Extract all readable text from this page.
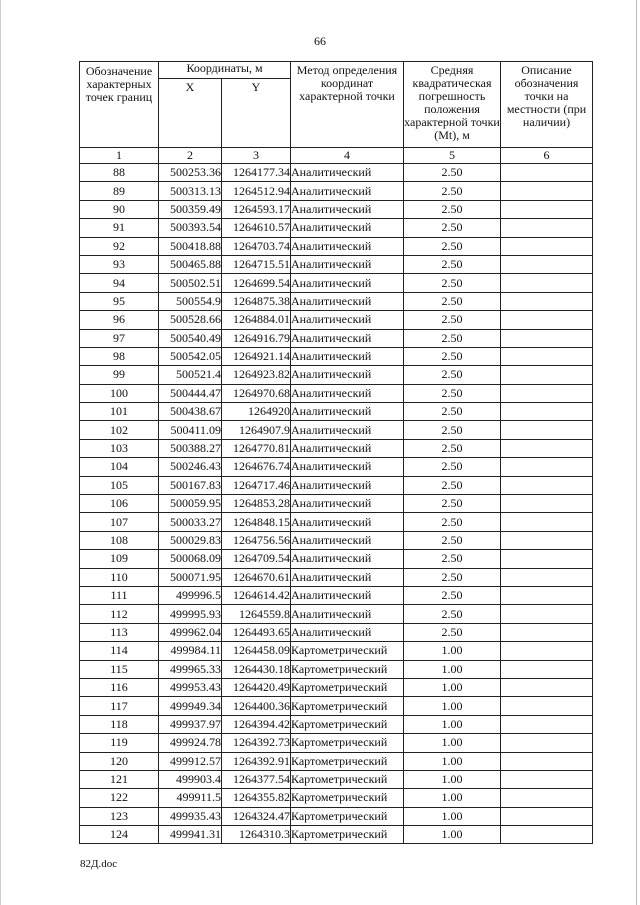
66
Обозначение характерных точек границ	Координаты, м		Метод определения координат характерной точки	Средняя квадратическая погрешность положения характерной точки (Mt), м	Описание обозначения точки на местности (при наличии)
	X	Y			
1	2	3	4	5	6
88	500253.36	1264177.34	Аналитический	2.50	
89	500313.13	1264512.94	Аналитический	2.50	
90	500359.49	1264593.17	Аналитический	2.50	
91	500393.54	1264610.57	Аналитический	2.50	
92	500418.88	1264703.74	Аналитический	2.50	
93	500465.88	1264715.51	Аналитический	2.50	
94	500502.51	1264699.54	Аналитический	2.50	
95	500554.9	1264875.38	Аналитический	2.50	
96	500528.66	1264884.01	Аналитический	2.50	
97	500540.49	1264916.79	Аналитический	2.50	
98	500542.05	1264921.14	Аналитический	2.50	
99	500521.4	1264923.82	Аналитический	2.50	
100	500444.47	1264970.68	Аналитический	2.50	
101	500438.67	1264920	Аналитический	2.50	
102	500411.09	1264907.9	Аналитический	2.50	
103	500388.27	1264770.81	Аналитический	2.50	
104	500246.43	1264676.74	Аналитический	2.50	
105	500167.83	1264717.46	Аналитический	2.50	
106	500059.95	1264853.28	Аналитический	2.50	
107	500033.27	1264848.15	Аналитический	2.50	
108	500029.83	1264756.56	Аналитический	2.50	
109	500068.09	1264709.54	Аналитический	2.50	
110	500071.95	1264670.61	Аналитический	2.50	
111	499996.5	1264614.42	Аналитический	2.50	
112	499995.93	1264559.8	Аналитический	2.50	
113	499962.04	1264493.65	Аналитический	2.50	
114	499984.11	1264458.09	Картометрический	1.00	
115	499965.33	1264430.18	Картометрический	1.00	
116	499953.43	1264420.49	Картометрический	1.00	
117	499949.34	1264400.36	Картометрический	1.00	
118	499937.97	1264394.42	Картометрический	1.00	
119	499924.78	1264392.73	Картометрический	1.00	
120	499912.57	1264392.91	Картометрический	1.00	
121	499903.4	1264377.54	Картометрический	1.00	
122	499911.5	1264355.82	Картометрический	1.00	
123	499935.43	1264324.47	Картометрический	1.00	
124	499941.31	1264310.3	Картометрический	1.00	
82Д.doc
